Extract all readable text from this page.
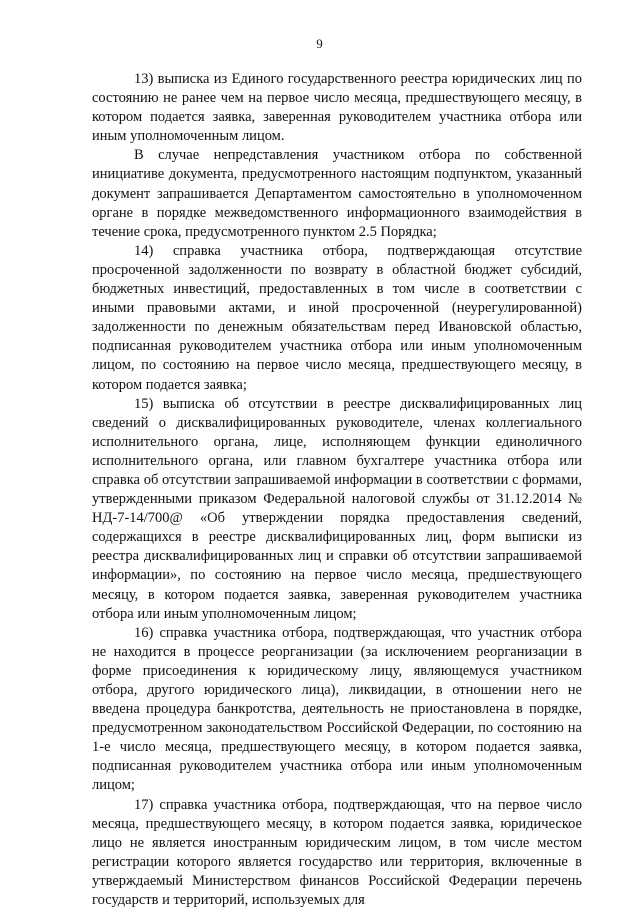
9

13) выписка из Единого государственного реестра юридических лиц по состоянию не ранее чем на первое число месяца, предшествующего месяцу, в котором подается заявка, заверенная руководителем участника отбора или иным уполномоченным лицом.

В случае непредставления участником отбора по собственной инициативе документа, предусмотренного настоящим подпунктом, указанный документ запрашивается Департаментом самостоятельно в уполномоченном органе в порядке межведомственного информационного взаимодействия в течение срока, предусмотренного пунктом 2.5 Порядка;

14) справка участника отбора, подтверждающая отсутствие просроченной задолженности по возврату в областной бюджет субсидий, бюджетных инвестиций, предоставленных в том числе в соответствии с иными правовыми актами, и иной просроченной (неурегулированной) задолженности по денежным обязательствам перед Ивановской областью, подписанная руководителем участника отбора или иным уполномоченным лицом, по состоянию на первое число месяца, предшествующего месяцу, в котором подается заявка;

15) выписка об отсутствии в реестре дисквалифицированных лиц сведений о дисквалифицированных руководителе, членах коллегиального исполнительного органа, лице, исполняющем функции единоличного исполнительного органа, или главном бухгалтере участника отбора или справка об отсутствии запрашиваемой информации в соответствии с формами, утвержденными приказом Федеральной налоговой службы от 31.12.2014 № НД-7-14/700@ «Об утверждении порядка предоставления сведений, содержащихся в реестре дисквалифицированных лиц, форм выписки из реестра дисквалифицированных лиц и справки об отсутствии запрашиваемой информации», по состоянию на первое число месяца, предшествующего месяцу, в котором подается заявка, заверенная руководителем участника отбора или иным уполномоченным лицом;

16) справка участника отбора, подтверждающая, что участник отбора не находится в процессе реорганизации (за исключением реорганизации в форме присоединения к юридическому лицу, являющемуся участником отбора, другого юридического лица), ликвидации, в отношении него не введена процедура банкротства, деятельность не приостановлена в порядке, предусмотренном законодательством Российской Федерации, по состоянию на 1-е число месяца, предшествующего месяцу, в котором подается заявка, подписанная руководителем участника отбора или иным уполномоченным лицом;

17) справка участника отбора, подтверждающая, что на первое число месяца, предшествующего месяцу, в котором подается заявка, юридическое лицо не является иностранным юридическим лицом, в том числе местом регистрации которого является государство или территория, включенные в утверждаемый Министерством финансов Российской Федерации перечень государств и территорий, используемых для
